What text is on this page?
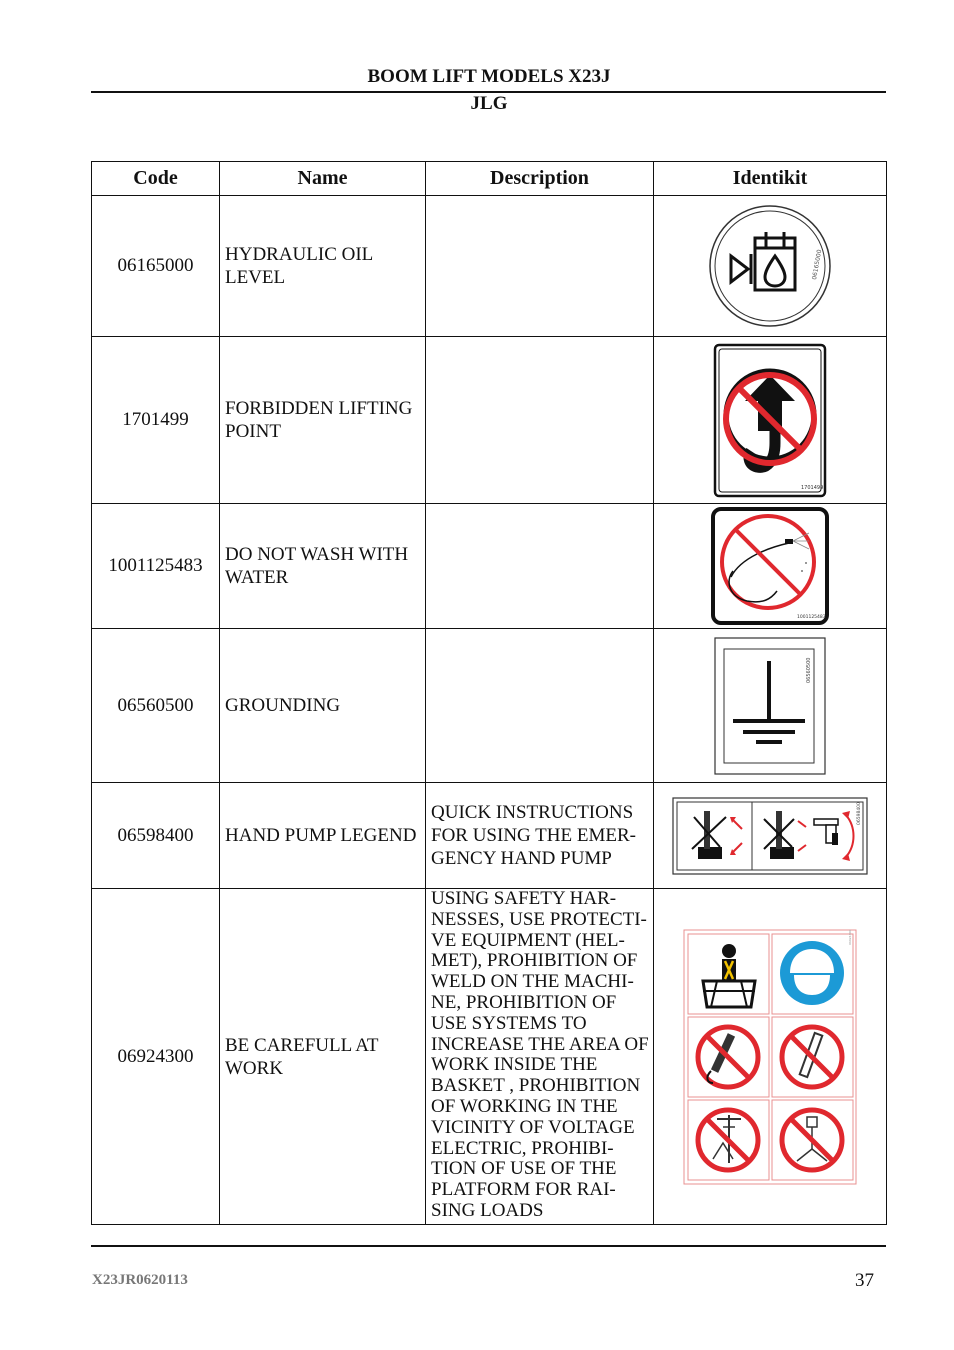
BOOM LIFT MODELS X23J
JLG
Code	Name	Description	Identikit
06165000	HYDRAULIC OIL LEVEL		06165000

1701499	FORBIDDEN LIFTING POINT		1701499

1001125483	DO NOT WASH WITH WATER		1001125483

06560500	GROUNDING		06560500

06598400	HAND PUMP LEGEND	QUICK INSTRUCTIONS FOR USING THE EMER-GENCY HAND PUMP	06598400

06924300	BE CAREFULL AT WORK	USING SAFETY HAR-NESSES, USE PROTECTI-VE EQUIPMENT (HEL-MET), PROHIBITION OF WELD ON THE MACHI-NE, PROHIBITION OF USE SYSTEMS TO INCREASE THE AREA OF WORK INSIDE THE BASKET , PROHIBITION OF WORKING IN THE VICINITY OF VOLTAGE ELECTRIC, PROHIBI-TION OF USE OF THE PLATFORM FOR RAI-SING LOADS	06924300
X23JR0620113	37
